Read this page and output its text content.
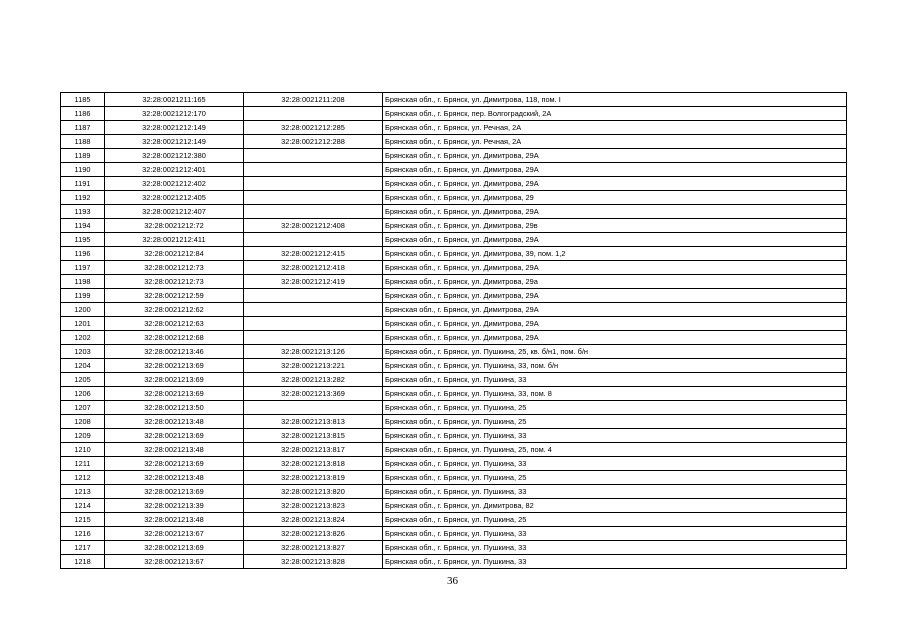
1185	32:28:0021211:165	32:28:0021211:208	Брянская обл., г. Брянск, ул. Димитрова, 118, пом. I
1186	32:28:0021212:170		Брянская обл., г. Брянск, пер. Волгоградский, 2А
1187	32:28:0021212:149	32:28:0021212:285	Брянская обл., г. Брянск, ул. Речная, 2А
1188	32:28:0021212:149	32:28:0021212:288	Брянская обл., г. Брянск, ул. Речная, 2А
1189	32:28:0021212:380		Брянская обл., г. Брянск, ул. Димитрова, 29А
1190	32:28:0021212:401		Брянская обл., г. Брянск, ул. Димитрова, 29А
1191	32:28:0021212:402		Брянская обл., г. Брянск, ул. Димитрова, 29А
1192	32:28:0021212:405		Брянская обл., г. Брянск, ул. Димитрова, 29
1193	32:28:0021212:407		Брянская обл., г. Брянск, ул. Димитрова, 29А
1194	32:28:0021212:72	32:28:0021212:408	Брянская обл., г. Брянск, ул. Димитрова, 29в
1195	32:28:0021212:411		Брянская обл., г. Брянск, ул. Димитрова, 29А
1196	32:28:0021212:84	32:28:0021212:415	Брянская обл., г. Брянск, ул. Димитрова, 39, пом. 1,2
1197	32:28:0021212:73	32:28:0021212:418	Брянская обл., г. Брянск, ул. Димитрова, 29А
1198	32:28:0021212:73	32:28:0021212:419	Брянская обл., г. Брянск, ул. Димитрова, 29а
1199	32:28:0021212:59		Брянская обл., г. Брянск, ул. Димитрова, 29А
1200	32:28:0021212:62		Брянская обл., г. Брянск, ул. Димитрова, 29А
1201	32:28:0021212:63		Брянская обл., г. Брянск, ул. Димитрова, 29А
1202	32:28:0021212:68		Брянская обл., г. Брянск, ул. Димитрова, 29А
1203	32:28:0021213:46	32:28:0021213:126	Брянская обл., г. Брянск, ул. Пушкина, 25, кв. б/н1, пом. б/н
1204	32:28:0021213:69	32:28:0021213:221	Брянская обл., г. Брянск, ул. Пушкина, 33, пом. б/н
1205	32:28:0021213:69	32:28:0021213:282	Брянская обл., г. Брянск, ул. Пушкина, 33
1206	32:28:0021213:69	32:28:0021213:369	Брянская обл., г. Брянск, ул. Пушкина, 33, пом. 8
1207	32:28:0021213:50		Брянская обл., г. Брянск, ул. Пушкина, 25
1208	32:28:0021213:48	32:28:0021213:813	Брянская обл., г. Брянск, ул. Пушкина, 25
1209	32:28:0021213:69	32:28:0021213:815	Брянская обл., г. Брянск, ул. Пушкина, 33
1210	32:28:0021213:48	32:28:0021213:817	Брянская обл., г. Брянск, ул. Пушкина, 25, пом. 4
1211	32:28:0021213:69	32:28:0021213:818	Брянская обл., г. Брянск, ул. Пушкина, 33
1212	32:28:0021213:48	32:28:0021213:819	Брянская обл., г. Брянск, ул. Пушкина, 25
1213	32:28:0021213:69	32:28:0021213:820	Брянская обл., г. Брянск, ул. Пушкина, 33
1214	32:28:0021213:39	32:28:0021213:823	Брянская обл., г. Брянск, ул. Димитрова, 82
1215	32:28:0021213:48	32:28:0021213:824	Брянская обл., г. Брянск, ул. Пушкина, 25
1216	32:28:0021213:67	32:28:0021213:826	Брянская обл., г. Брянск, ул. Пушкина, 33
1217	32:28:0021213:69	32:28:0021213:827	Брянская обл., г. Брянск, ул. Пушкина, 33
1218	32:28:0021213:67	32:28:0021213:828	Брянская обл., г. Брянск, ул. Пушкина, 33
36
